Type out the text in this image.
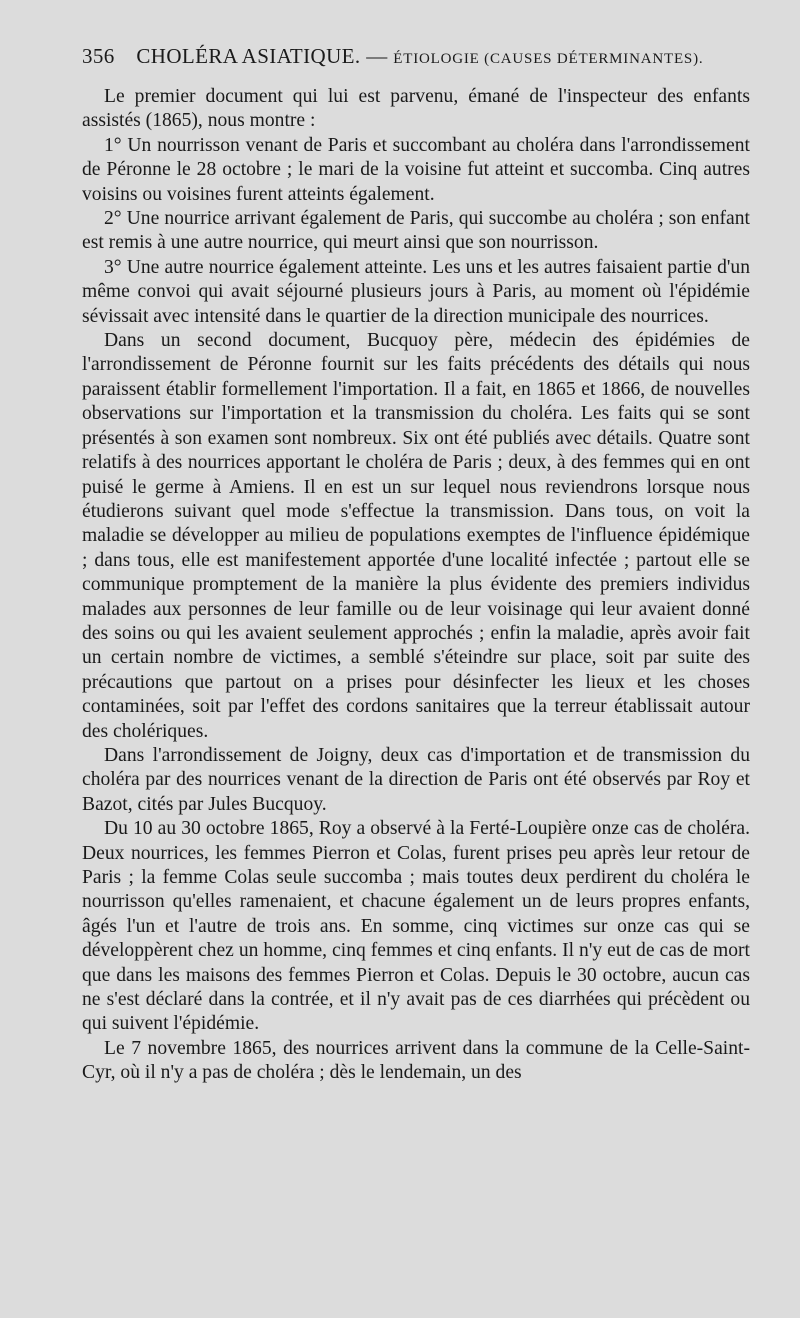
356 CHOLÉRA ASIATIQUE. — ÉTIOLOGIE (CAUSES DÉTERMINANTES).

Le premier document qui lui est parvenu, émané de l'inspecteur des enfants assistés (1865), nous montre :

1° Un nourrisson venant de Paris et succombant au choléra dans l'arrondissement de Péronne le 28 octobre ; le mari de la voisine fut atteint et succomba. Cinq autres voisins ou voisines furent atteints également.

2° Une nourrice arrivant également de Paris, qui succombe au choléra ; son enfant est remis à une autre nourrice, qui meurt ainsi que son nourrisson.

3° Une autre nourrice également atteinte. Les uns et les autres faisaient partie d'un même convoi qui avait séjourné plusieurs jours à Paris, au moment où l'épidémie sévissait avec intensité dans le quartier de la direction municipale des nourrices.

Dans un second document, Bucquoy père, médecin des épidémies de l'arrondissement de Péronne fournit sur les faits précédents des détails qui nous paraissent établir formellement l'importation. Il a fait, en 1865 et 1866, de nouvelles observations sur l'importation et la transmission du choléra. Les faits qui se sont présentés à son examen sont nombreux. Six ont été publiés avec détails. Quatre sont relatifs à des nourrices apportant le choléra de Paris ; deux, à des femmes qui en ont puisé le germe à Amiens. Il en est un sur lequel nous reviendrons lorsque nous étudierons suivant quel mode s'effectue la transmission. Dans tous, on voit la maladie se développer au milieu de populations exemptes de l'influence épidémique ; dans tous, elle est manifestement apportée d'une localité infectée ; partout elle se communique promptement de la manière la plus évidente des premiers individus malades aux personnes de leur famille ou de leur voisinage qui leur avaient donné des soins ou qui les avaient seulement approchés ; enfin la maladie, après avoir fait un certain nombre de victimes, a semblé s'éteindre sur place, soit par suite des précautions que partout on a prises pour désinfecter les lieux et les choses contaminées, soit par l'effet des cordons sanitaires que la terreur établissait autour des cholériques.

Dans l'arrondissement de Joigny, deux cas d'importation et de transmission du choléra par des nourrices venant de la direction de Paris ont été observés par Roy et Bazot, cités par Jules Bucquoy.

Du 10 au 30 octobre 1865, Roy a observé à la Ferté-Loupière onze cas de choléra. Deux nourrices, les femmes Pierron et Colas, furent prises peu après leur retour de Paris ; la femme Colas seule succomba ; mais toutes deux perdirent du choléra le nourrisson qu'elles ramenaient, et chacune également un de leurs propres enfants, âgés l'un et l'autre de trois ans. En somme, cinq victimes sur onze cas qui se développèrent chez un homme, cinq femmes et cinq enfants. Il n'y eut de cas de mort que dans les maisons des femmes Pierron et Colas. Depuis le 30 octobre, aucun cas ne s'est déclaré dans la contrée, et il n'y avait pas de ces diarrhées qui précèdent ou qui suivent l'épidémie.

Le 7 novembre 1865, des nourrices arrivent dans la commune de la Celle-Saint-Cyr, où il n'y a pas de choléra ; dès le lendemain, un des
